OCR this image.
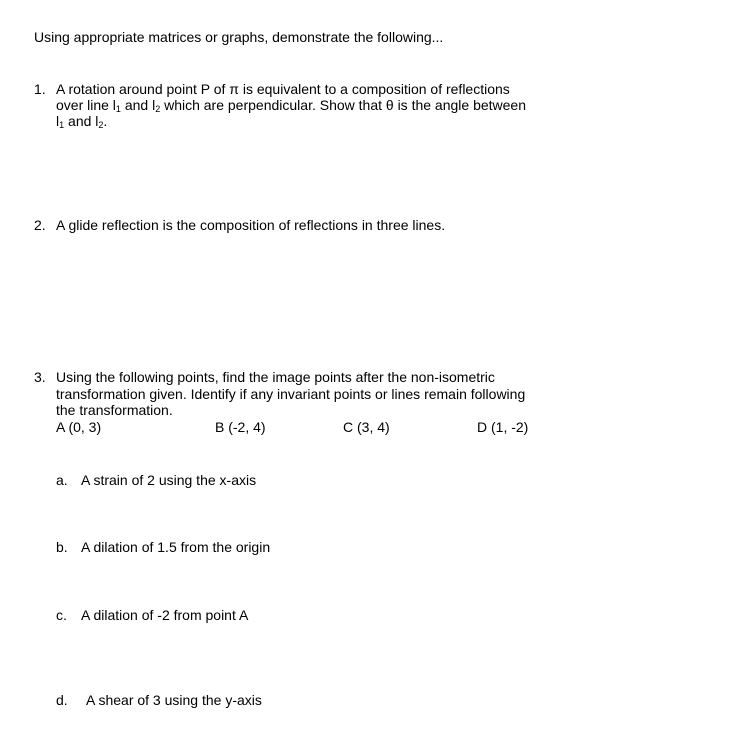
Using appropriate matrices or graphs, demonstrate the following...
1. A rotation around point P of π is equivalent to a composition of reflections
over line $l_1$ and $l_2$ which are perpendicular. Show that θ is the angle between
$l_1$ and $l_2$.
2. A glide reflection is the composition of reflections in three lines.
3. Using the following points, find the image points after the non-isometric
transformation given. Identify if any invariant points or lines remain following
the transformation.
A (0, 3)	B (-2, 4)	C (3, 4)	D (1, -2)
a. A strain of 2 using the x-axis
b. A dilation of 1.5 from the origin
c. A dilation of -2 from point A
d. A shear of 3 using the y-axis
